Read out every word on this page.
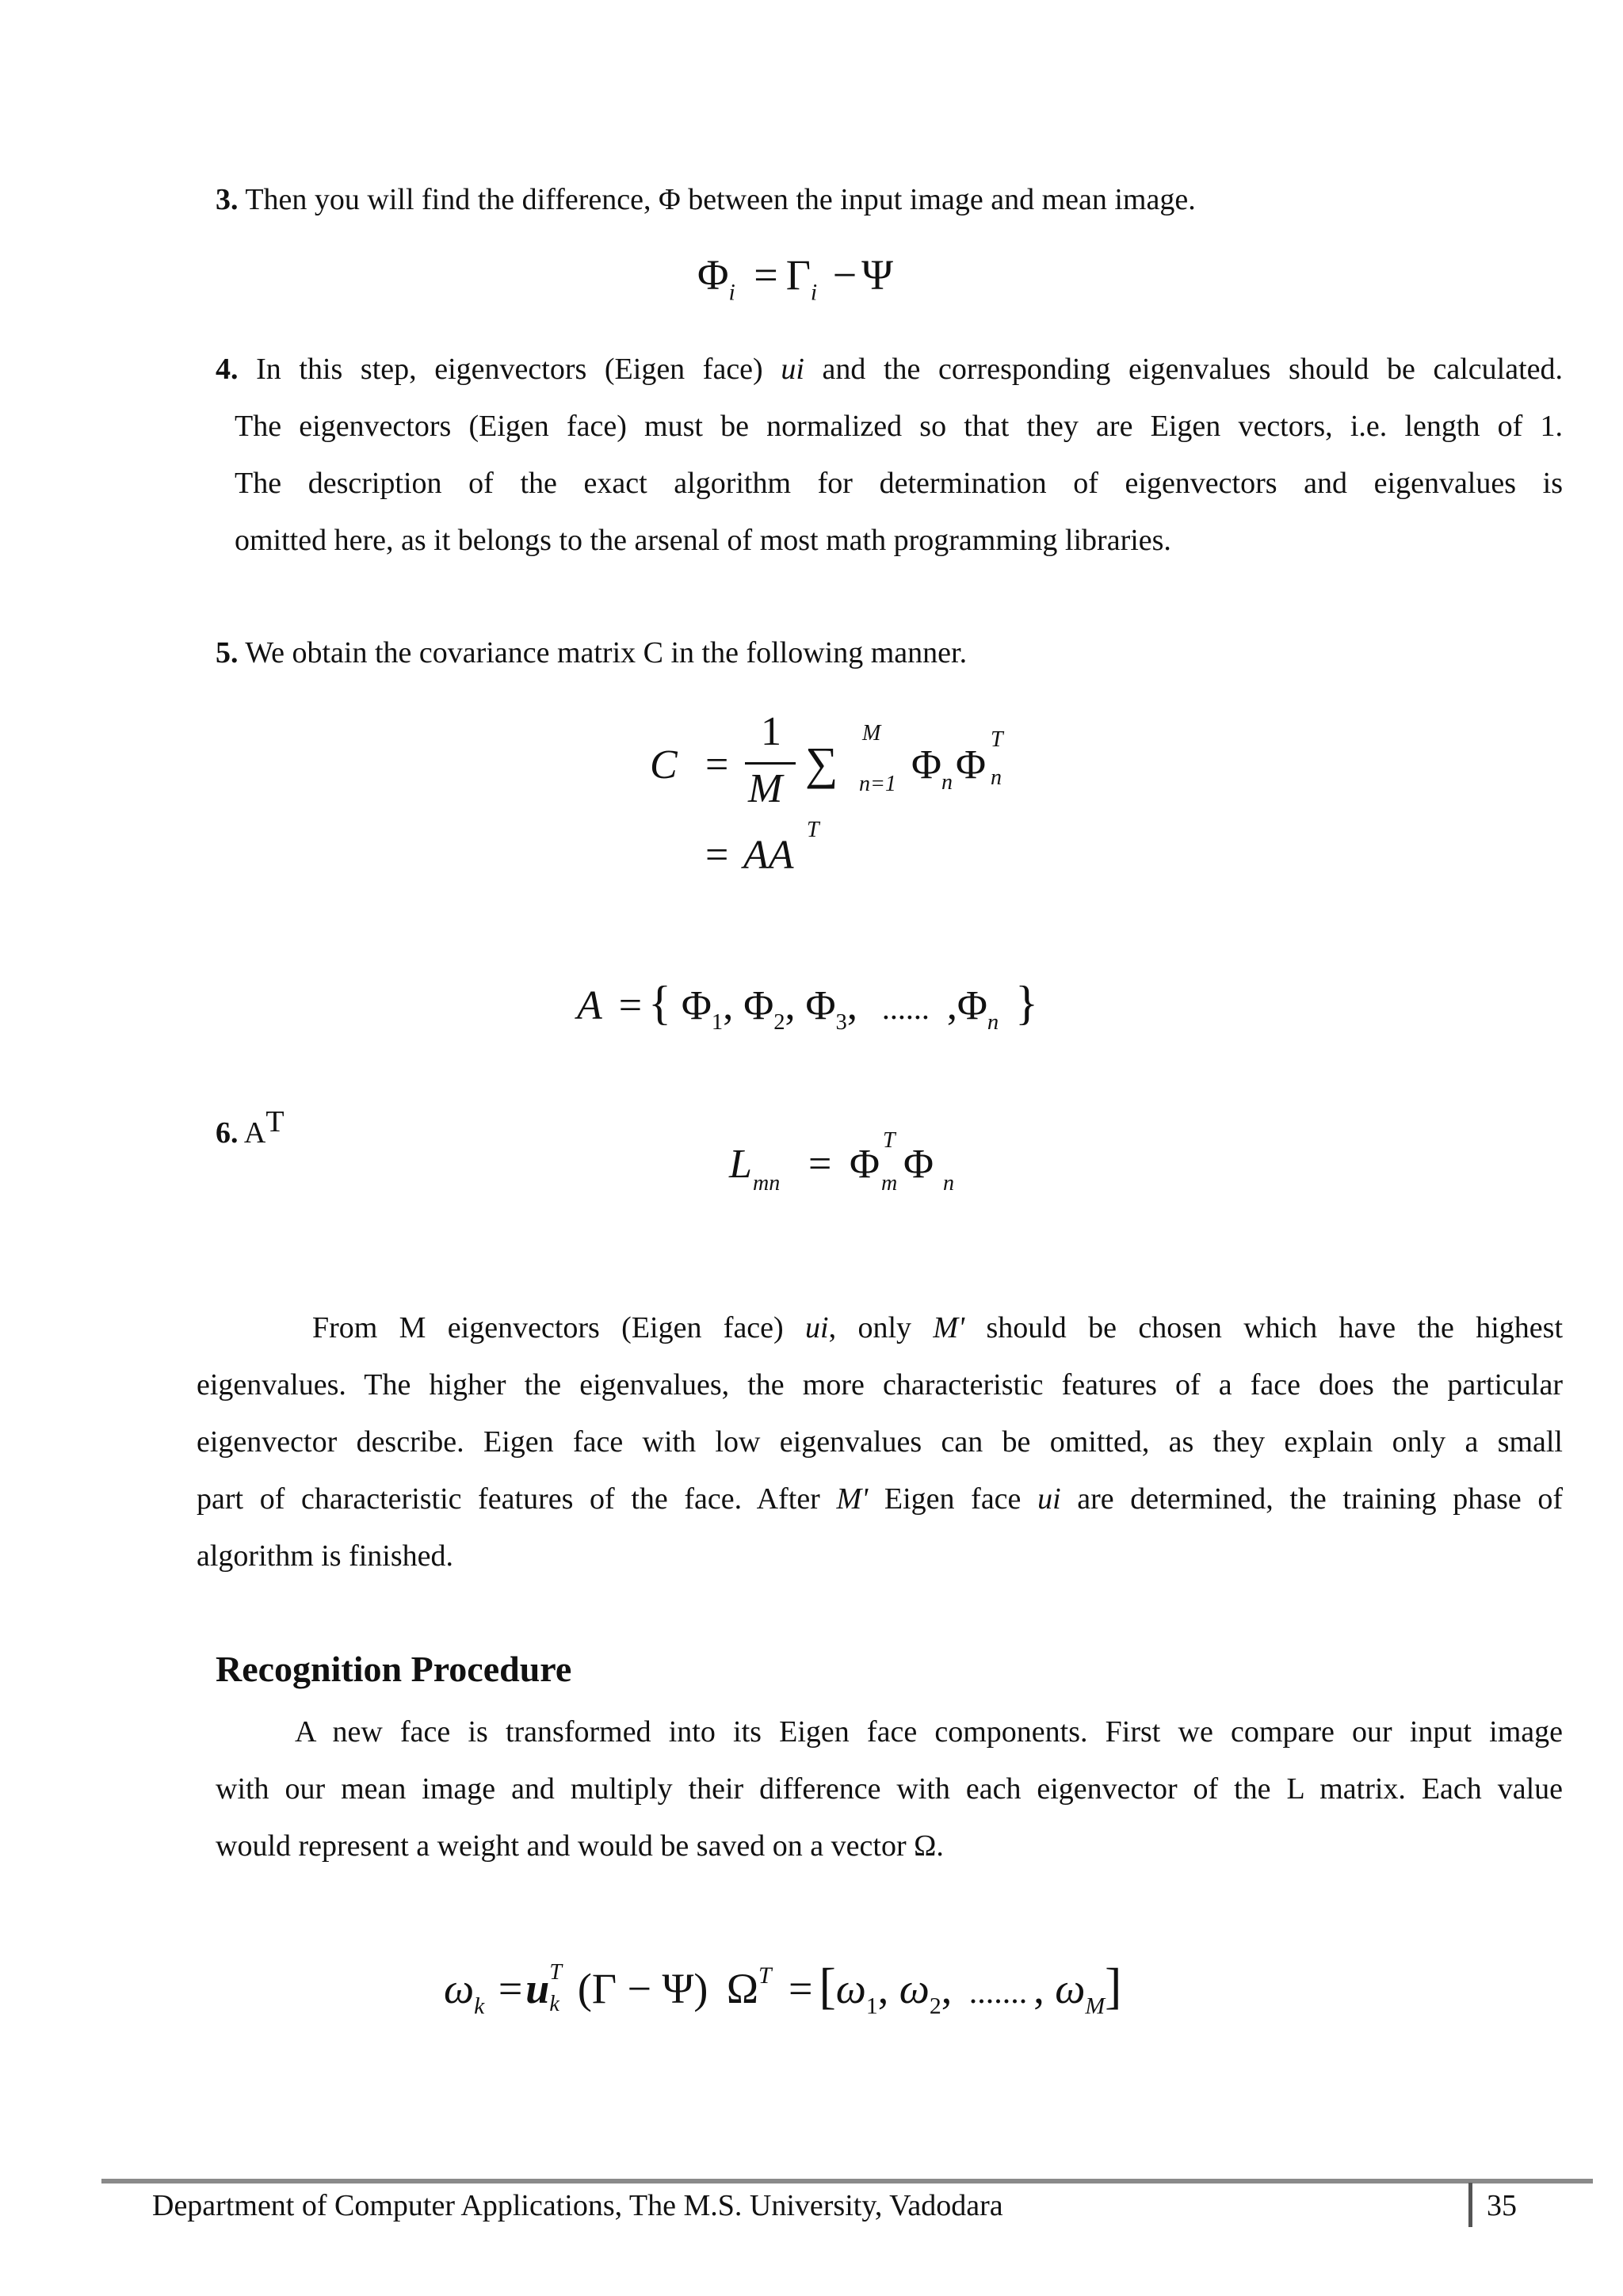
3. Then you will find the difference, Φ between the input image and mean image.

$\Phi_i = \Gamma_i - \Psi$

4. In this step, eigenvectors (Eigen face) ui and the corresponding eigenvalues should be calculated.

The eigenvectors (Eigen face) must be normalized so that they are Eigen vectors, i.e. length of 1.

The description of the exact algorithm for determination of eigenvectors and eigenvalues is

omitted here, as it belongs to the arsenal of most math programming libraries.

5. We obtain the covariance matrix C in the following manner.

C =
1
M ∑
M
n=1 Φ n Φ
T
n
= AA
T
A = { $\Phi_1$, $\Phi_2$, $\Phi_3$, ...... $,\Phi_n$ }

6. AT

L mn = Φ
T
m Φ n

From M eigenvectors (Eigen face) ui, only M' should be chosen which have the highest

eigenvalues. The higher the eigenvalues, the more characteristic features of a face does the particular

eigenvector describe. Eigen face with low eigenvalues can be omitted, as they explain only a small

part of characteristic features of the face. After M' Eigen face ui are determined, the training phase of

algorithm is finished.

Recognition Procedure

A new face is transformed into its Eigen face components. First we compare our input image

with our mean image and multiply their difference with each eigenvector of the L matrix. Each value

would represent a weight and would be saved on a vector Ω.

$\omega_k =u$ T
k (Γ − Ψ) $\Omega^T = [\omega_1$, $\omega_2$, ....... , $\omega_M$]
Department of Computer Applications, The M.S. University, Vadodara	35
